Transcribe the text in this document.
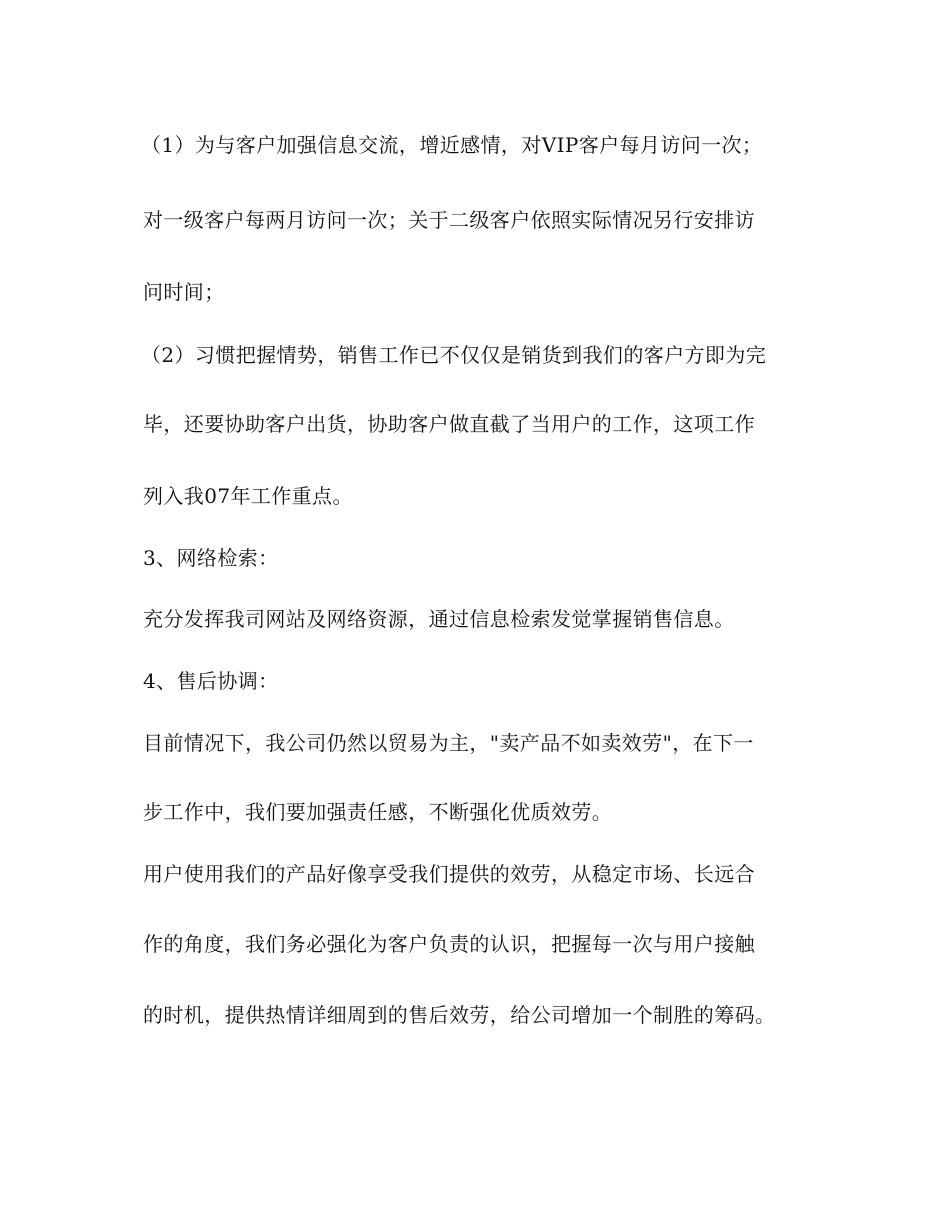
（1）为与客户加强信息交流，增近感情，对VIP客户每月访问一次；

对一级客户每两月访问一次；关于二级客户依照实际情况另行安排访

问时间；

（2）习惯把握情势，销售工作已不仅仅是销货到我们的客户方即为完

毕，还要协助客户出货，协助客户做直截了当用户的工作，这项工作

列入我07年工作重点。

3、网络检索：

充分发挥我司网站及网络资源，通过信息检索发觉掌握销售信息。

4、售后协调：

目前情况下，我公司仍然以贸易为主，"卖产品不如卖效劳"，在下一

步工作中，我们要加强责任感，不断强化优质效劳。

用户使用我们的产品好像享受我们提供的效劳，从稳定市场、长远合

作的角度，我们务必强化为客户负责的认识，把握每一次与用户接触

的时机，提供热情详细周到的售后效劳，给公司增加一个制胜的筹码。
